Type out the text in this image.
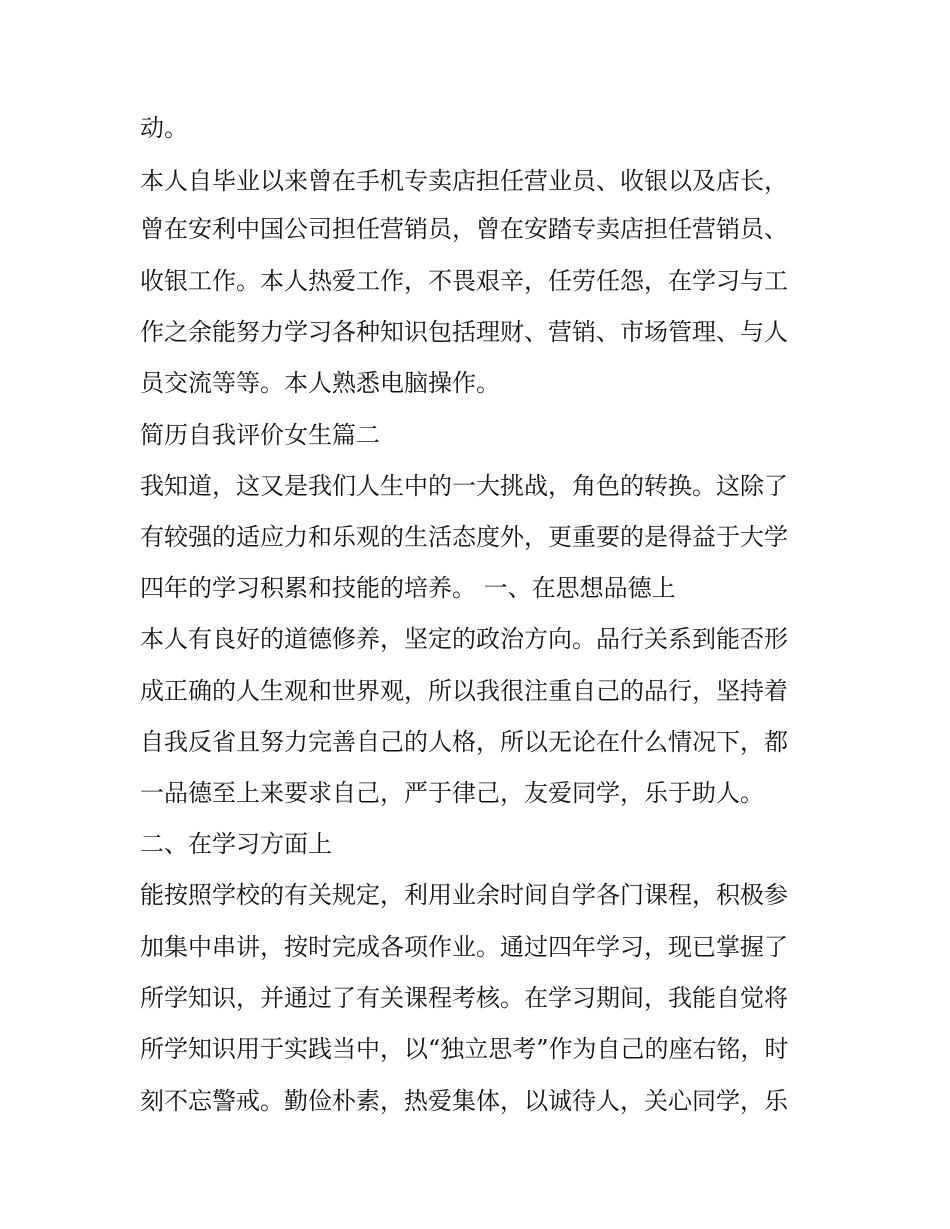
动。
本人自毕业以来曾在手机专卖店担任营业员、收银以及店长，
曾在安利中国公司担任营销员，曾在安踏专卖店担任营销员、
收银工作。本人热爱工作，不畏艰辛，任劳任怨，在学习与工
作之余能努力学习各种知识包括理财、营销、市场管理、与人
员交流等等。本人熟悉电脑操作。
简历自我评价女生篇二
我知道，这又是我们人生中的一大挑战，角色的转换。这除了
有较强的适应力和乐观的生活态度外，更重要的是得益于大学
四年的学习积累和技能的培养。 一、在思想品德上
本人有良好的道德修养，坚定的政治方向。品行关系到能否形
成正确的人生观和世界观，所以我很注重自己的品行，坚持着
自我反省且努力完善自己的人格，所以无论在什么情况下，都
一品德至上来要求自己，严于律己，友爱同学，乐于助人。
二、在学习方面上
能按照学校的有关规定，利用业余时间自学各门课程，积极参
加集中串讲，按时完成各项作业。通过四年学习，现已掌握了
所学知识，并通过了有关课程考核。在学习期间，我能自觉将
所学知识用于实践当中，以“独立思考”作为自己的座右铭，时
刻不忘警戒。勤俭朴素，热爱集体，以诚待人，关心同学，乐
